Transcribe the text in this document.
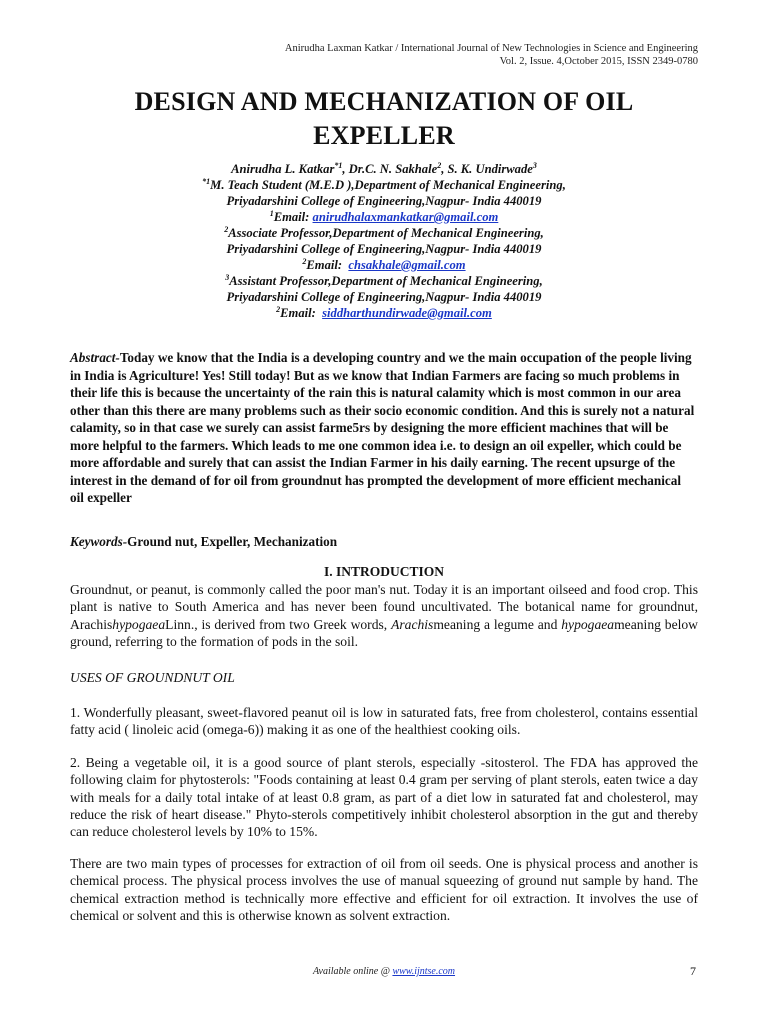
Anirudha Laxman Katkar / International Journal of New Technologies in Science and Engineering
Vol. 2, Issue. 4,October 2015, ISSN 2349-0780
DESIGN AND MECHANIZATION OF OIL
EXPELLER
Anirudha L. Katkar$^{*1}$, Dr.C. N. Sakhale$^2$, S. K. Undirwade$^3$
$^{*1}$M. Teach Student (M.E.D ),Department of Mechanical Engineering,
Priyadarshini College of Engineering,Nagpur- India 440019
$^1$Email: anirudhalaxmankatkar@gmail.com
$^2$Associate Professor,Department of Mechanical Engineering,
Priyadarshini College of Engineering,Nagpur- India 440019
$^2$Email: chsakhale@gmail.com
$^3$Assistant Professor,Department of Mechanical Engineering,
Priyadarshini College of Engineering,Nagpur- India 440019
$^2$Email: siddharthundirwade@gmail.com
Abstract-Today we know that the India is a developing country and we the main occupation of the people living in India is Agriculture! Yes! Still today! But as we know that Indian Farmers are facing so much problems in their life this is because the uncertainty of the rain this is natural calamity which is most common in our area other than this there are many problems such as their socio economic condition. And this is surely not a natural calamity, so in that case we surely can assist farme5rs by designing the more efficient machines that will be more helpful to the farmers. Which leads to me one common idea i.e. to design an oil expeller, which could be more affordable and surely that can assist the Indian Farmer in his daily earning. The recent upsurge of the interest in the demand of for oil from groundnut has prompted the development of more efficient mechanical oil expeller
Keywords-Ground nut, Expeller, Mechanization
I. INTRODUCTION
Groundnut, or peanut, is commonly called the poor man's nut. Today it is an important oilseed and food crop. This plant is native to South America and has never been found uncultivated. The botanical name for groundnut, ArachishypogaeaLinn., is derived from two Greek words, Arachismeaning a legume and hypogaeameaning below ground, referring to the formation of pods in the soil.
USES OF GROUNDNUT OIL
1. Wonderfully pleasant, sweet-flavored peanut oil is low in saturated fats, free from cholesterol, contains essential fatty acid ( linoleic acid (omega-6)) making it as one of the healthiest cooking oils.
2. Being a vegetable oil, it is a good source of plant sterols, especially -sitosterol. The FDA has approved the following claim for phytosterols: "Foods containing at least 0.4 gram per serving of plant sterols, eaten twice a day with meals for a daily total intake of at least 0.8 gram, as part of a diet low in saturated fat and cholesterol, may reduce the risk of heart disease." Phyto-sterols competitively inhibit cholesterol absorption in the gut and thereby can reduce cholesterol levels by 10% to 15%.
There are two main types of processes for extraction of oil from oil seeds. One is physical process and another is chemical process. The physical process involves the use of manual squeezing of ground nut sample by hand. The chemical extraction method is technically more effective and efficient for oil extraction. It involves the use of chemical or solvent and this is otherwise known as solvent extraction.
Available online @ www.ijntse.com	7
